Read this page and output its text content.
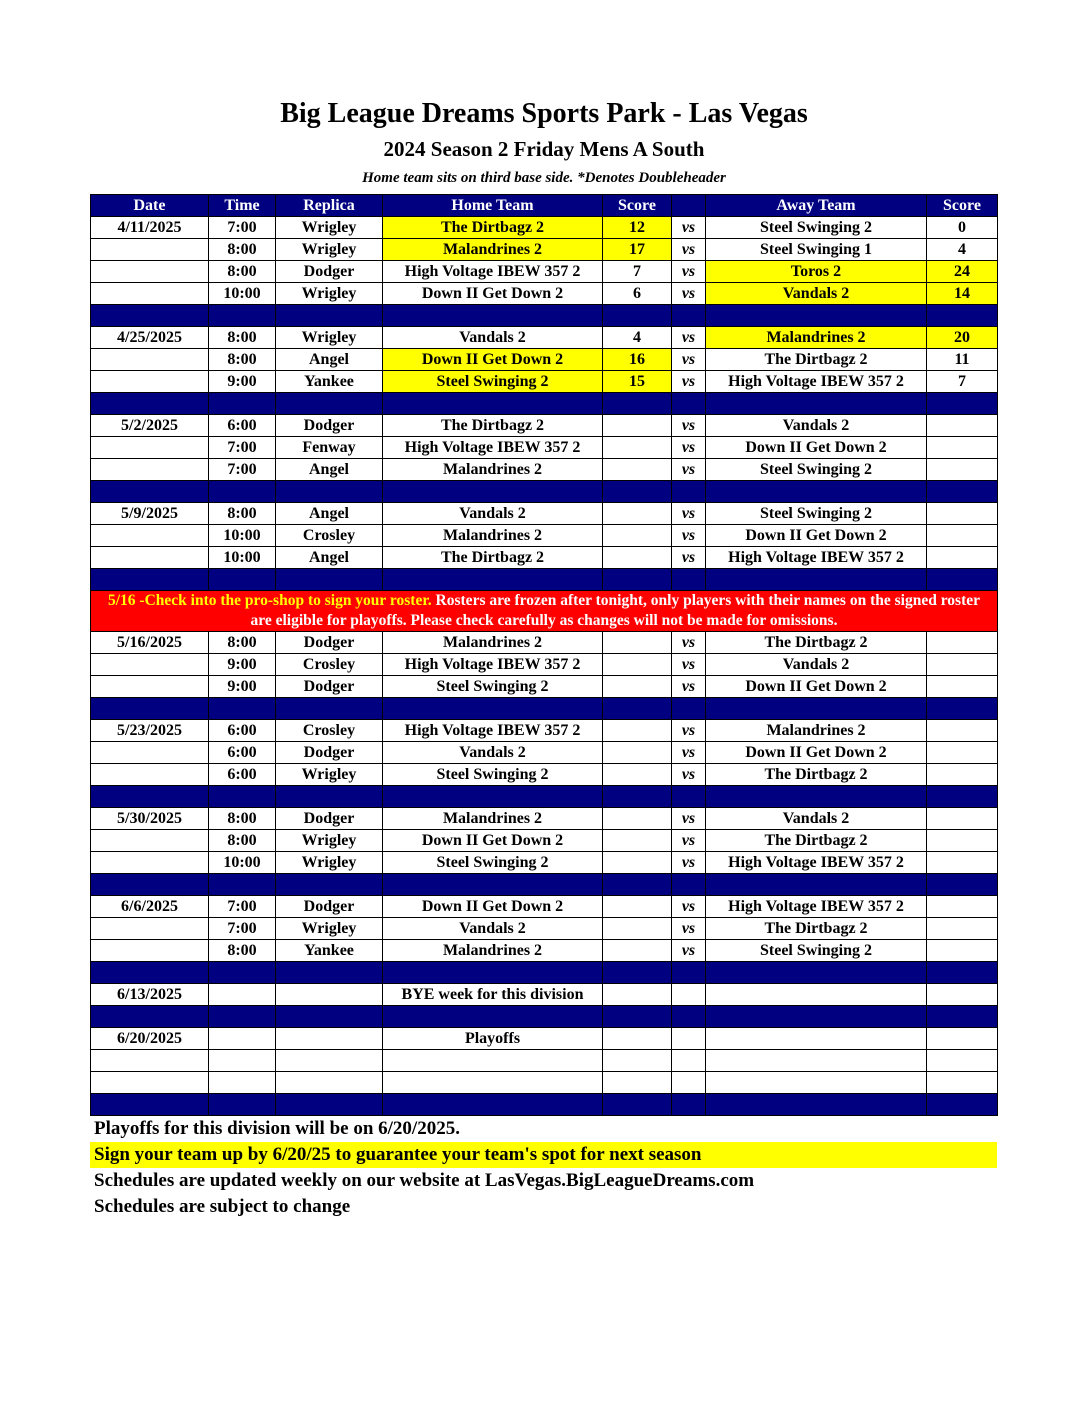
Big League Dreams Sports Park - Las Vegas
2024 Season 2 Friday Mens A South
Home team sits on third base side. *Denotes Doubleheader
Date	Time	Replica	Home Team	Score		Away Team	Score
4/11/2025	7:00	Wrigley	The Dirtbagz 2	12	vs	Steel Swinging 2	0
	8:00	Wrigley	Malandrines 2	17	vs	Steel Swinging 1	4
	8:00	Dodger	High Voltage IBEW 357 2	7	vs	Toros 2	24
	10:00	Wrigley	Down II Get Down 2	6	vs	Vandals 2	14

4/25/2025	8:00	Wrigley	Vandals 2	4	vs	Malandrines 2	20
	8:00	Angel	Down II Get Down 2	16	vs	The Dirtbagz 2	11
	9:00	Yankee	Steel Swinging 2	15	vs	High Voltage IBEW 357 2	7

5/2/2025	6:00	Dodger	The Dirtbagz 2		vs	Vandals 2	
	7:00	Fenway	High Voltage IBEW 357 2		vs	Down II Get Down 2	
	7:00	Angel	Malandrines 2		vs	Steel Swinging 2	

5/9/2025	8:00	Angel	Vandals 2		vs	Steel Swinging 2	
	10:00	Crosley	Malandrines 2		vs	Down II Get Down 2	
	10:00	Angel	The Dirtbagz 2		vs	High Voltage IBEW 357 2	

5/16 -Check into the pro-shop to sign your roster. Rosters are frozen after tonight, only players with their names on the signed roster are eligible for playoffs. Please check carefully as changes will not be made for omissions.							
5/16/2025	8:00	Dodger	Malandrines 2		vs	The Dirtbagz 2	
	9:00	Crosley	High Voltage IBEW 357 2		vs	Vandals 2	
	9:00	Dodger	Steel Swinging 2		vs	Down II Get Down 2	

5/23/2025	6:00	Crosley	High Voltage IBEW 357 2		vs	Malandrines 2	
	6:00	Dodger	Vandals 2		vs	Down II Get Down 2	
	6:00	Wrigley	Steel Swinging 2		vs	The Dirtbagz 2	

5/30/2025	8:00	Dodger	Malandrines 2		vs	Vandals 2	
	8:00	Wrigley	Down II Get Down 2		vs	The Dirtbagz 2	
	10:00	Wrigley	Steel Swinging 2		vs	High Voltage IBEW 357 2	

6/6/2025	7:00	Dodger	Down II Get Down 2		vs	High Voltage IBEW 357 2	
	7:00	Wrigley	Vandals 2		vs	The Dirtbagz 2	
	8:00	Yankee	Malandrines 2		vs	Steel Swinging 2	

6/13/2025			BYE week for this division				

6/20/2025			Playoffs				

Playoffs for this division will be on 6/20/2025.
Sign your team up by 6/20/25 to guarantee your team's spot for next season
Schedules are updated weekly on our website at LasVegas.BigLeagueDreams.com
Schedules are subject to change
